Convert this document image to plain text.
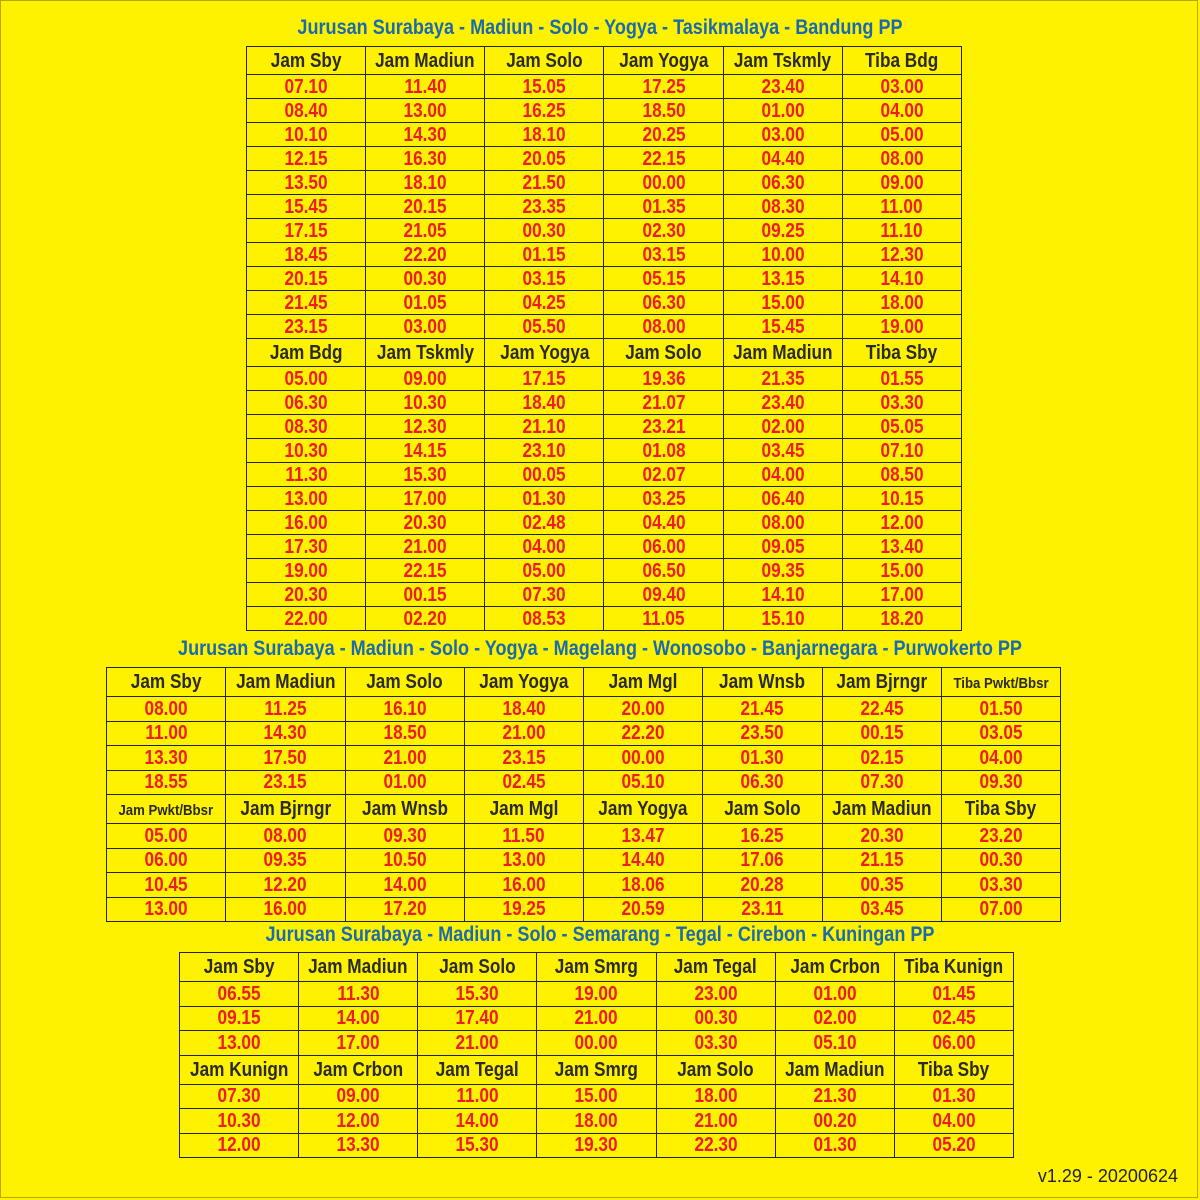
Jurusan Surabaya - Madiun - Solo - Yogya - Tasikmalaya - Bandung PP
Jam Sby	Jam Madiun	Jam Solo	Jam Yogya	Jam Tskmly	Tiba Bdg
07.10	11.40	15.05	17.25	23.40	03.00
08.40	13.00	16.25	18.50	01.00	04.00
10.10	14.30	18.10	20.25	03.00	05.00
12.15	16.30	20.05	22.15	04.40	08.00
13.50	18.10	21.50	00.00	06.30	09.00
15.45	20.15	23.35	01.35	08.30	11.00
17.15	21.05	00.30	02.30	09.25	11.10
18.45	22.20	01.15	03.15	10.00	12.30
20.15	00.30	03.15	05.15	13.15	14.10
21.45	01.05	04.25	06.30	15.00	18.00
23.15	03.00	05.50	08.00	15.45	19.00
Jam Bdg	Jam Tskmly	Jam Yogya	Jam Solo	Jam Madiun	Tiba Sby
05.00	09.00	17.15	19.36	21.35	01.55
06.30	10.30	18.40	21.07	23.40	03.30
08.30	12.30	21.10	23.21	02.00	05.05
10.30	14.15	23.10	01.08	03.45	07.10
11.30	15.30	00.05	02.07	04.00	08.50
13.00	17.00	01.30	03.25	06.40	10.15
16.00	20.30	02.48	04.40	08.00	12.00
17.30	21.00	04.00	06.00	09.05	13.40
19.00	22.15	05.00	06.50	09.35	15.00
20.30	00.15	07.30	09.40	14.10	17.00
22.00	02.20	08.53	11.05	15.10	18.20
Jurusan Surabaya - Madiun - Solo - Yogya - Magelang - Wonosobo - Banjarnegara - Purwokerto PP
Jam Sby	Jam Madiun	Jam Solo	Jam Yogya	Jam Mgl	Jam Wnsb	Jam Bjrngr	Tiba Pwkt/Bbsr
08.00	11.25	16.10	18.40	20.00	21.45	22.45	01.50
11.00	14.30	18.50	21.00	22.20	23.50	00.15	03.05
13.30	17.50	21.00	23.15	00.00	01.30	02.15	04.00
18.55	23.15	01.00	02.45	05.10	06.30	07.30	09.30
Jam Pwkt/Bbsr	Jam Bjrngr	Jam Wnsb	Jam Mgl	Jam Yogya	Jam Solo	Jam Madiun	Tiba Sby
05.00	08.00	09.30	11.50	13.47	16.25	20.30	23.20
06.00	09.35	10.50	13.00	14.40	17.06	21.15	00.30
10.45	12.20	14.00	16.00	18.06	20.28	00.35	03.30
13.00	16.00	17.20	19.25	20.59	23.11	03.45	07.00
Jurusan Surabaya - Madiun - Solo - Semarang - Tegal - Cirebon - Kuningan PP
Jam Sby	Jam Madiun	Jam Solo	Jam Smrg	Jam Tegal	Jam Crbon	Tiba Kunign
06.55	11.30	15.30	19.00	23.00	01.00	01.45
09.15	14.00	17.40	21.00	00.30	02.00	02.45
13.00	17.00	21.00	00.00	03.30	05.10	06.00
Jam Kunign	Jam Crbon	Jam Tegal	Jam Smrg	Jam Solo	Jam Madiun	Tiba Sby
07.30	09.00	11.00	15.00	18.00	21.30	01.30
10.30	12.00	14.00	18.00	21.00	00.20	04.00
12.00	13.30	15.30	19.30	22.30	01.30	05.20
v1.29 - 20200624
